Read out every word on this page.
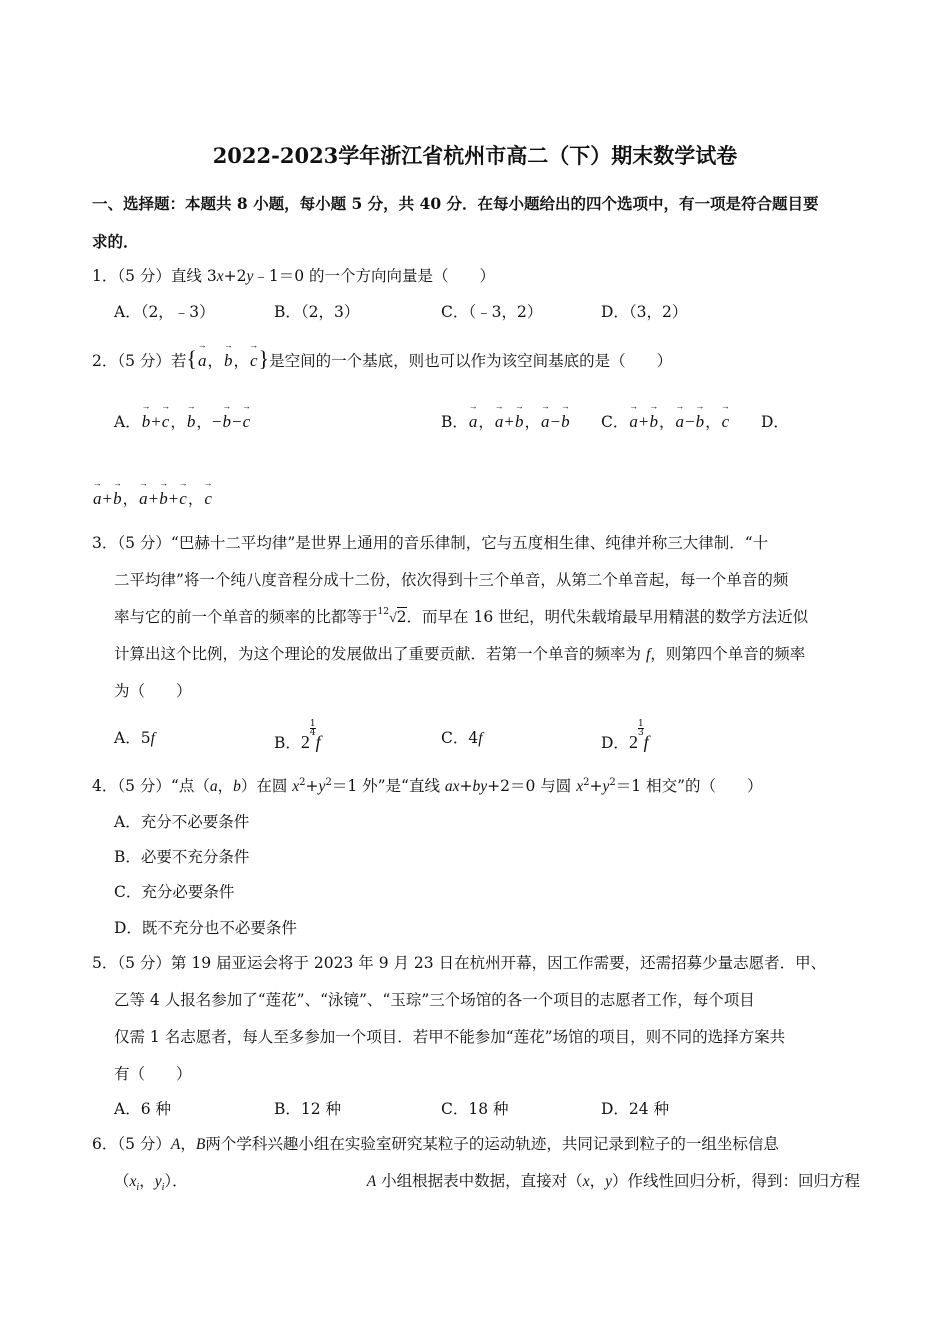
2022-2023学年浙江省杭州市高二（下）期末数学试卷
一、选择题：本题共 8 小题，每小题 5 分，共 40 分．在每小题给出的四个选项中，有一项是符合题目要
求的．
1．（5 分）直线 3x+2y﹣1＝0 的一个方向向量是（　　）
A．（2，﹣3）	B．（2，3）	C．（﹣3，2）	D．（3，2）
2．（5 分）若{→ a，→ b，→ c}是空间的一个基底，则也可以作为该空间基底的是（　　）
A．→ b+→ c，→ b，−→ b−→ c	B．→ a，→ a+→ b，→ a−→ b C．→ a+→ b，→ a−→ b，→ c D．
→ a+→ b，→ a+→ b+→ c，→ c
3．（5 分）“巴赫十二平均律”是世界上通用的音乐律制，它与五度相生律、纯律并称三大律制．“十
二平均律”将一个纯八度音程分成十二份，依次得到十三个单音，从第二个单音起，每一个单音的频
率与它的前一个单音的频率的比都等于$^{12}$√2．而早在 16 世纪，明代朱载堉最早用精湛的数学方法近似
计算出这个比例，为这个理论的发展做出了重要贡献．若第一个单音的频率为 f，则第四个单音的频率
为（　　）
A．5f	B．$2\frac{1}{4}$
f	C．4f	D．$2\frac{1}{3}$
f
4．（5 分）“点（a，b）在圆 $x^2+y^2=1$ 外”是“直线 ax+by+2＝0 与圆 $x^2+y^2=1$ 相交”的（　　）
A．充分不必要条件
B．必要不充分条件
C．充分必要条件
D．既不充分也不必要条件
5．（5 分）第 19 届亚运会将于 2023 年 9 月 23 日在杭州开幕，因工作需要，还需招募少量志愿者．甲、
乙等 4 人报名参加了“莲花”、“泳镜”、“玉琮”三个场馆的各一个项目的志愿者工作，每个项目
仅需 1 名志愿者，每人至多参加一个项目．若甲不能参加“莲花”场馆的项目，则不同的选择方案共
有（　　）
A．6 种	B．12 种	C．18 种	D．24 种
6．（5 分）A，B两个学科兴趣小组在实验室研究某粒子的运动轨迹，共同记录到粒子的一组坐标信息
（$x_i$，$y_i$）．	A 小组根据表中数据，直接对（x，y）作线性回归分析，得到：回归方程
